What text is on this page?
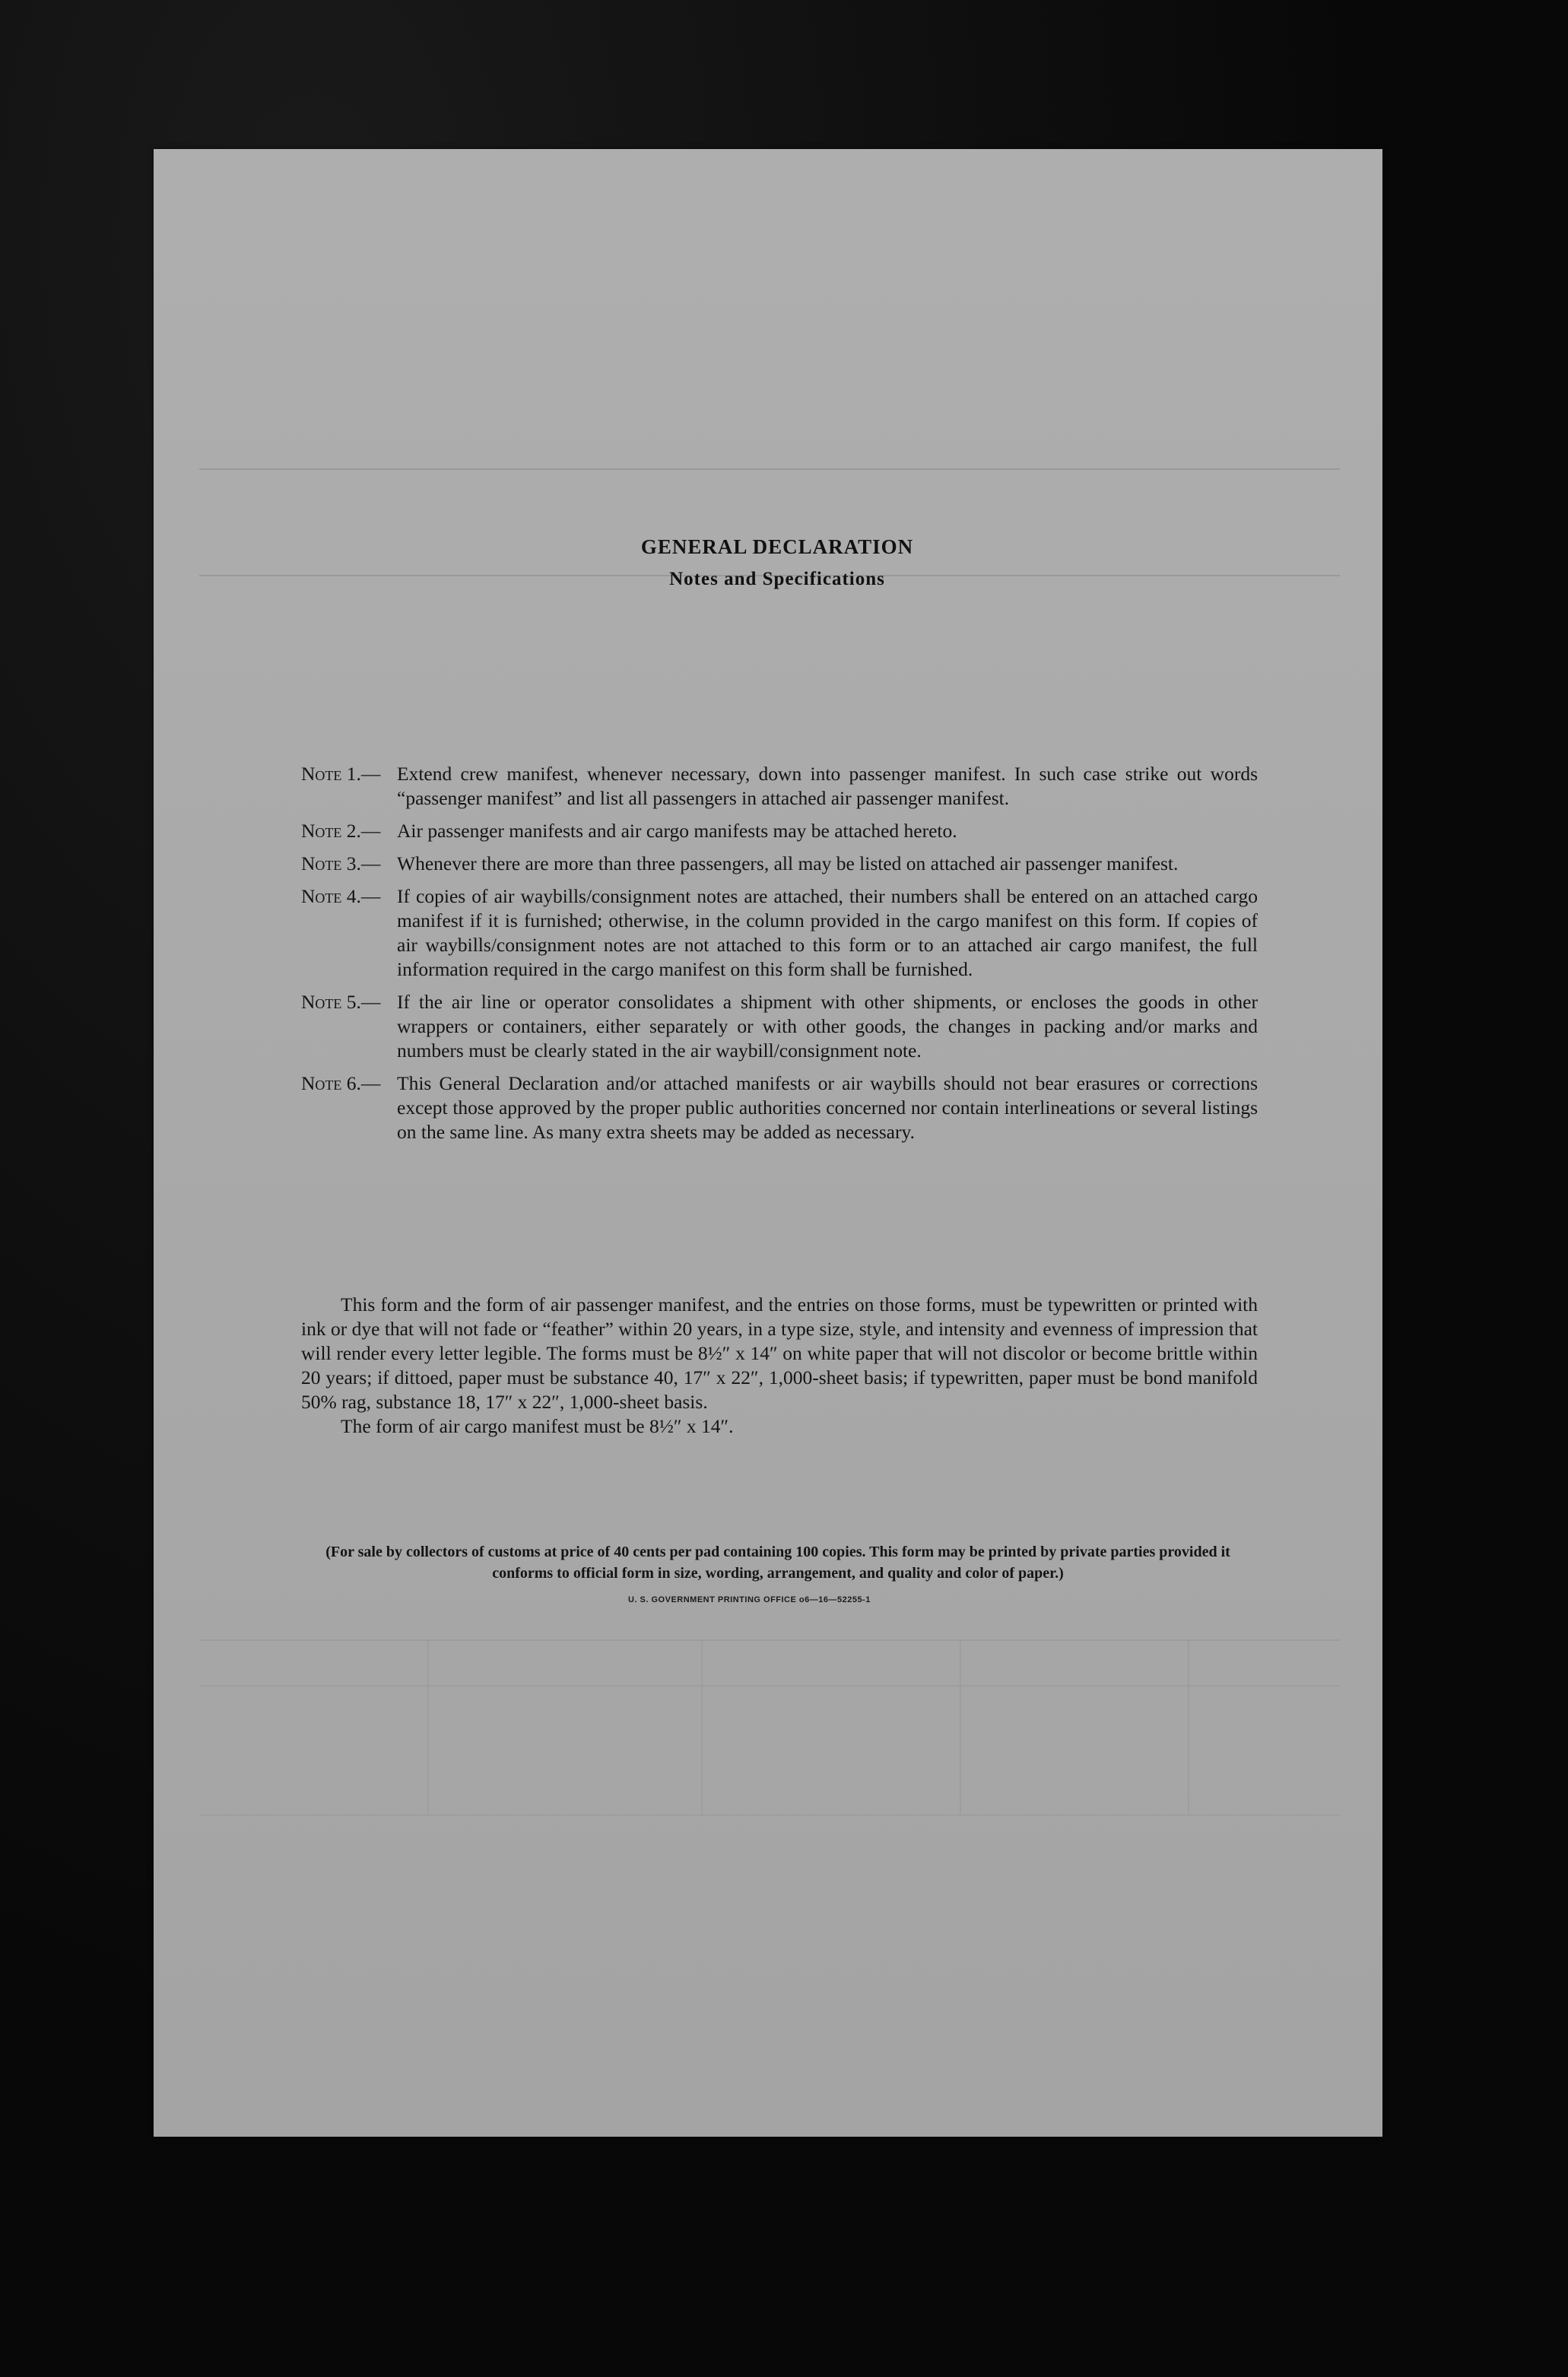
GENERAL DECLARATION
Notes and Specifications
Note 1.— Extend crew manifest, whenever necessary, down into passenger manifest. In such case strike out words “passenger manifest” and list all passengers in attached air passenger manifest.
Note 2.— Air passenger manifests and air cargo manifests may be attached hereto.
Note 3.— Whenever there are more than three passengers, all may be listed on attached air passenger manifest.
Note 4.— If copies of air waybills/consignment notes are attached, their numbers shall be entered on an attached cargo manifest if it is furnished; otherwise, in the column provided in the cargo manifest on this form. If copies of air waybills/consignment notes are not attached to this form or to an attached air cargo manifest, the full information required in the cargo manifest on this form shall be furnished.
Note 5.— If the air line or operator consolidates a shipment with other shipments, or encloses the goods in other wrappers or containers, either separately or with other goods, the changes in packing and/or marks and numbers must be clearly stated in the air waybill/consignment note.
Note 6.— This General Declaration and/or attached manifests or air waybills should not bear erasures or corrections except those approved by the proper public authorities concerned nor contain interlineations or several listings on the same line. As many extra sheets may be added as necessary.
This form and the form of air passenger manifest, and the entries on those forms, must be typewritten or printed with ink or dye that will not fade or “feather” within 20 years, in a type size, style, and intensity and evenness of impression that will render every letter legible. The forms must be 8½″ x 14″ on white paper that will not discolor or become brittle within 20 years; if dittoed, paper must be substance 40, 17″ x 22″, 1,000-sheet basis; if typewritten, paper must be bond manifold 50% rag, substance 18, 17″ x 22″, 1,000-sheet basis.
The form of air cargo manifest must be 8½″ x 14″.
(For sale by collectors of customs at price of 40 cents per pad containing 100 copies. This form may be printed by private parties provided it conforms to official form in size, wording, arrangement, and quality and color of paper.)
U. S. GOVERNMENT PRINTING OFFICE o6—16—52255-1
